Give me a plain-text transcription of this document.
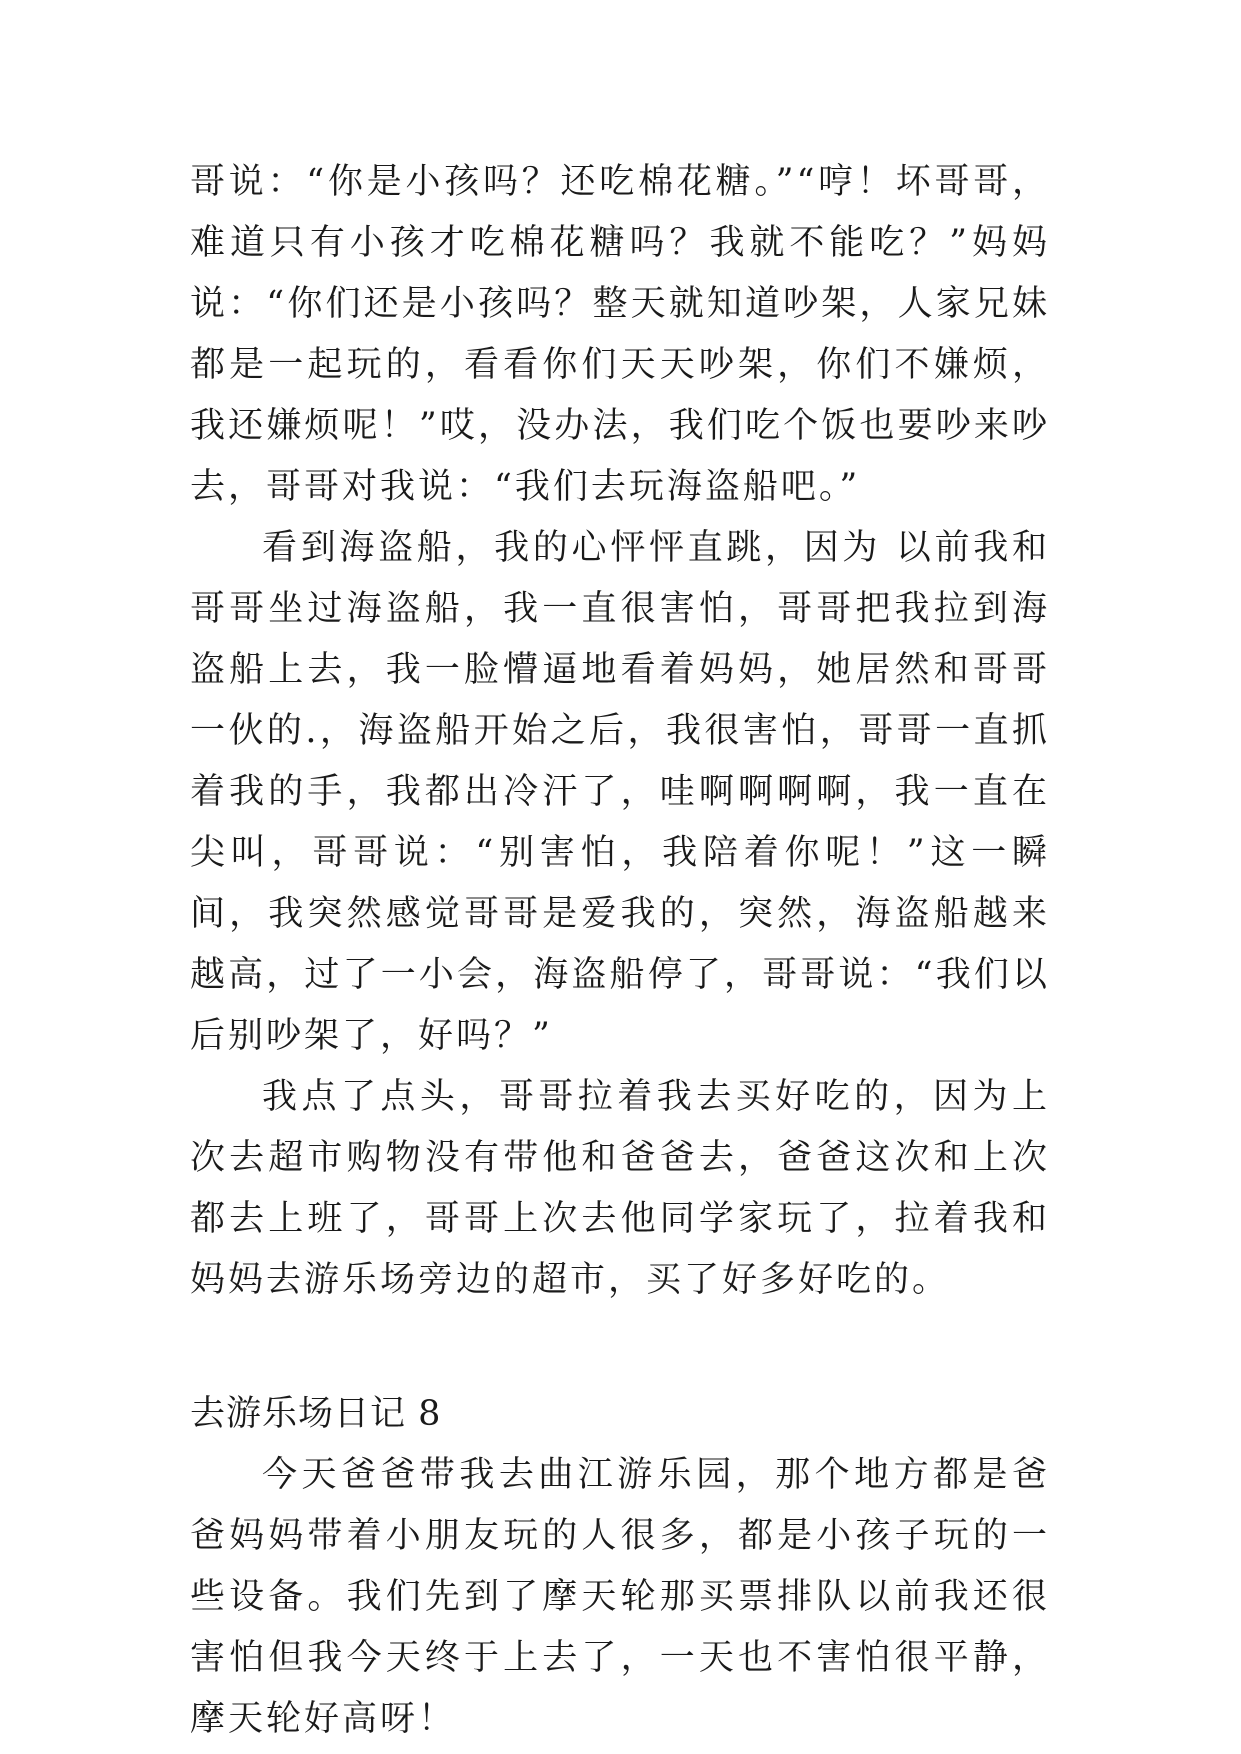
哥说：“你是小孩吗？还吃棉花糖。”“哼！坏哥哥，难道只有小孩才吃棉花糖吗？我就不能吃？”妈妈说：“你们还是小孩吗？整天就知道吵架，人家兄妹都是一起玩的，看看你们天天吵架，你们不嫌烦，我还嫌烦呢！”哎，没办法，我们吃个饭也要吵来吵去，哥哥对我说：“我们去玩海盗船吧。”

看到海盗船，我的心怦怦直跳，因为 以前我和哥哥坐过海盗船，我一直很害怕，哥哥把我拉到海盗船上去，我一脸懵逼地看着妈妈，她居然和哥哥一伙的.，海盗船开始之后，我很害怕，哥哥一直抓着我的手，我都出冷汗了，哇啊啊啊啊，我一直在尖叫，哥哥说：“别害怕，我陪着你呢！”这一瞬间，我突然感觉哥哥是爱我的，突然，海盗船越来越高，过了一小会，海盗船停了，哥哥说：“我们以后别吵架了，好吗？”

我点了点头，哥哥拉着我去买好吃的，因为上次去超市购物没有带他和爸爸去，爸爸这次和上次都去上班了，哥哥上次去他同学家玩了，拉着我和妈妈去游乐场旁边的超市，买了好多好吃的。

去游乐场日记 8

今天爸爸带我去曲江游乐园，那个地方都是爸爸妈妈带着小朋友玩的人很多，都是小孩子玩的一些设备。我们先到了摩天轮那买票排队以前我还很害怕但我今天终于上去了，一天也不害怕很平静，摩天轮好高呀！
